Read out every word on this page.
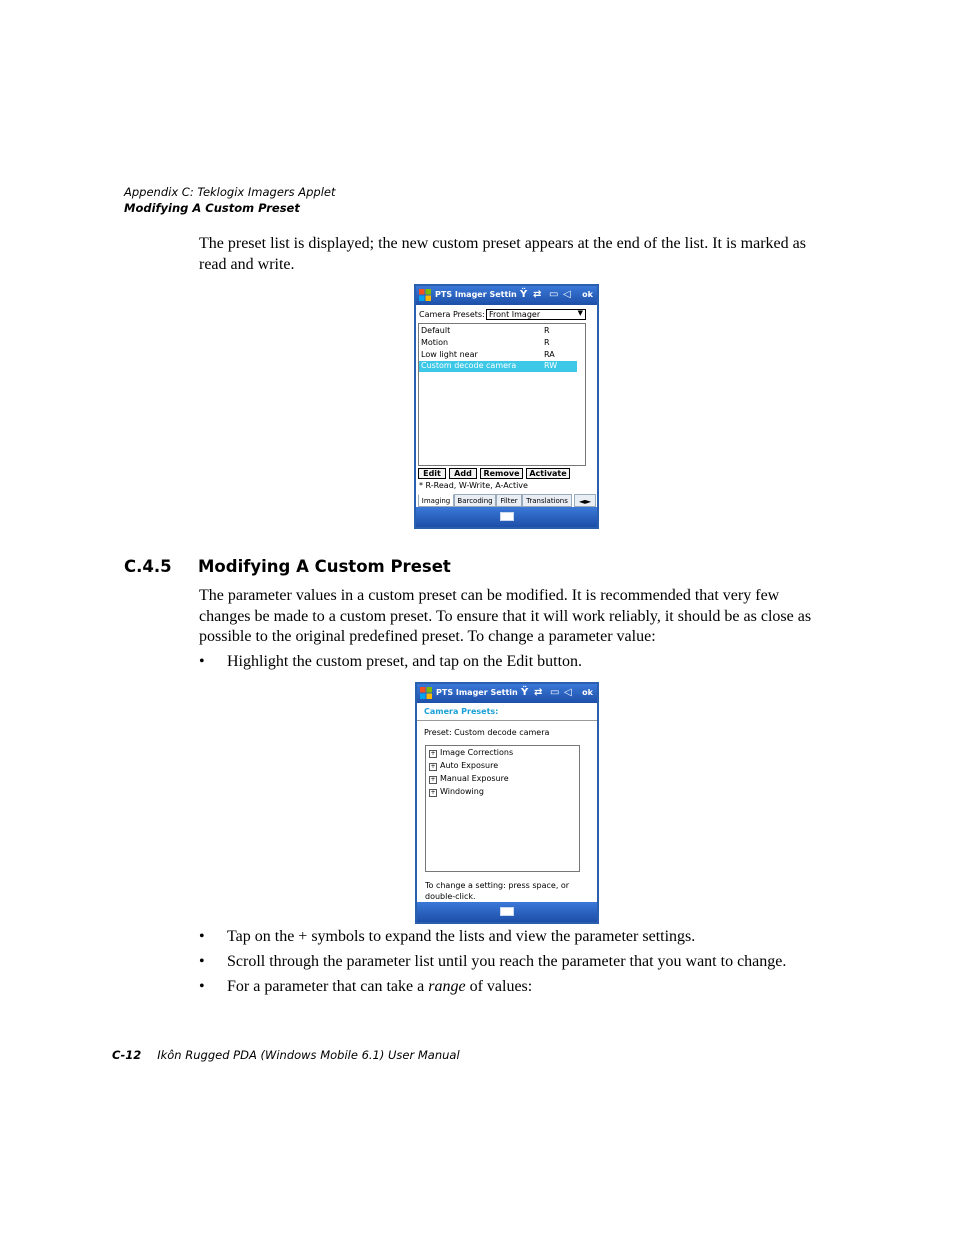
Appendix C: Teklogix Imagers Applet
Modifying A Custom Preset
The preset list is displayed; the new custom preset appears at the end of the list. It is marked as read and write.
PTS Imager Settin Ÿ ⇄ ▭ ◁ ok
Camera Presets: Front Imager	▼
Default	R
Motion	R
Low light near	RA
Custom decode camera	RW
Edit	Add	Remove	Activate
* R-Read, W-Write, A-Active
Imaging	Barcoding	Filter	Translations	◄►
C.4.5 Modifying A Custom Preset
The parameter values in a custom preset can be modified. It is recommended that very few changes be made to a custom preset. To ensure that it will work reliably, it should be as close as possible to the original predefined preset. To change a parameter value:
• Highlight the custom preset, and tap on the Edit button.
PTS Imager Settin Ÿ ⇄ ▭ ◁ ok
Camera Presets:
Preset: Custom decode camera
+ Image Corrections
+ Auto Exposure
+ Manual Exposure
+ Windowing
To change a setting: press space, or
double-click.
• Tap on the + symbols to expand the lists and view the parameter settings.
• Scroll through the parameter list until you reach the parameter that you want to change.
• For a parameter that can take a range of values:
C-12 Ikôn Rugged PDA (Windows Mobile 6.1) User Manual
